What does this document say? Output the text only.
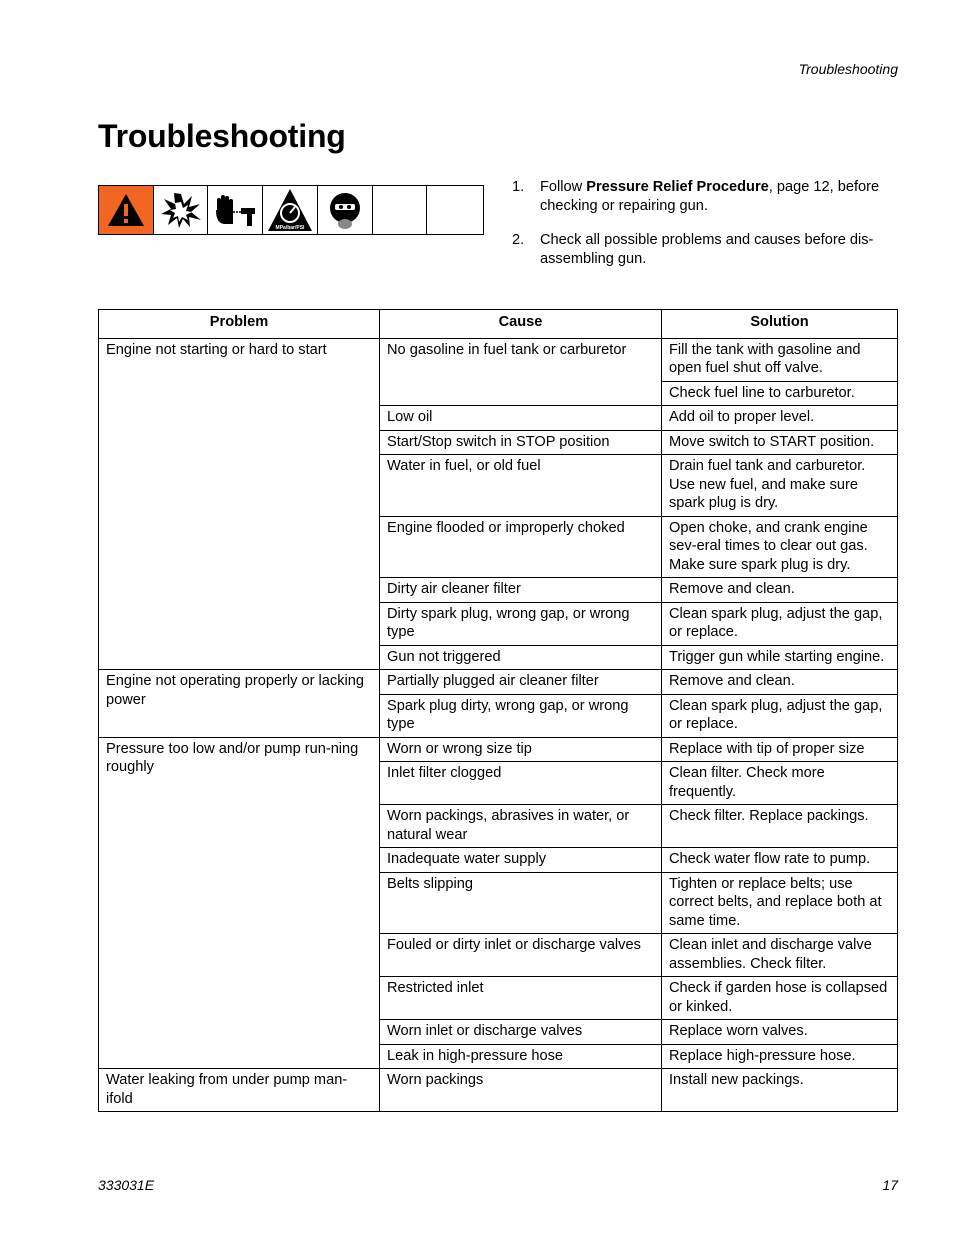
Troubleshooting
Troubleshooting
MPa/bar/PSI
1.	Follow Pressure Relief Procedure, page 12, before checking or repairing gun.
2.	Check all possible problems and causes before dis-assembling gun.
Problem	Cause	Solution
Engine not starting or hard to start	No gasoline in fuel tank or carburetor	Fill the tank with gasoline and open fuel shut off valve.
		Check fuel line to carburetor.
	Low oil	Add oil to proper level.
	Start/Stop switch in STOP position	Move switch to START position.
	Water in fuel, or old fuel	Drain fuel tank and carburetor. Use new fuel, and make sure spark plug is dry.
	Engine flooded or improperly choked	Open choke, and crank engine sev-eral times to clear out gas. Make sure spark plug is dry.
	Dirty air cleaner filter	Remove and clean.
	Dirty spark plug, wrong gap, or wrong type	Clean spark plug, adjust the gap, or replace.
	Gun not triggered	Trigger gun while starting engine.
Engine not operating properly or lacking power	Partially plugged air cleaner filter	Remove and clean.
	Spark plug dirty, wrong gap, or wrong type	Clean spark plug, adjust the gap, or replace.
Pressure too low and/or pump run-ning roughly	Worn or wrong size tip	Replace with tip of proper size
	Inlet filter clogged	Clean filter. Check more frequently.
	Worn packings, abrasives in water, or natural wear	Check filter. Replace packings.
	Inadequate water supply	Check water flow rate to pump.
	Belts slipping	Tighten or replace belts; use correct belts, and replace both at same time.
	Fouled or dirty inlet or discharge valves	Clean inlet and discharge valve assemblies. Check filter.
	Restricted inlet	Check if garden hose is collapsed or kinked.
	Worn inlet or discharge valves	Replace worn valves.
	Leak in high-pressure hose	Replace high-pressure hose.
Water leaking from under pump man-ifold	Worn packings	Install new packings.
333031E	17
